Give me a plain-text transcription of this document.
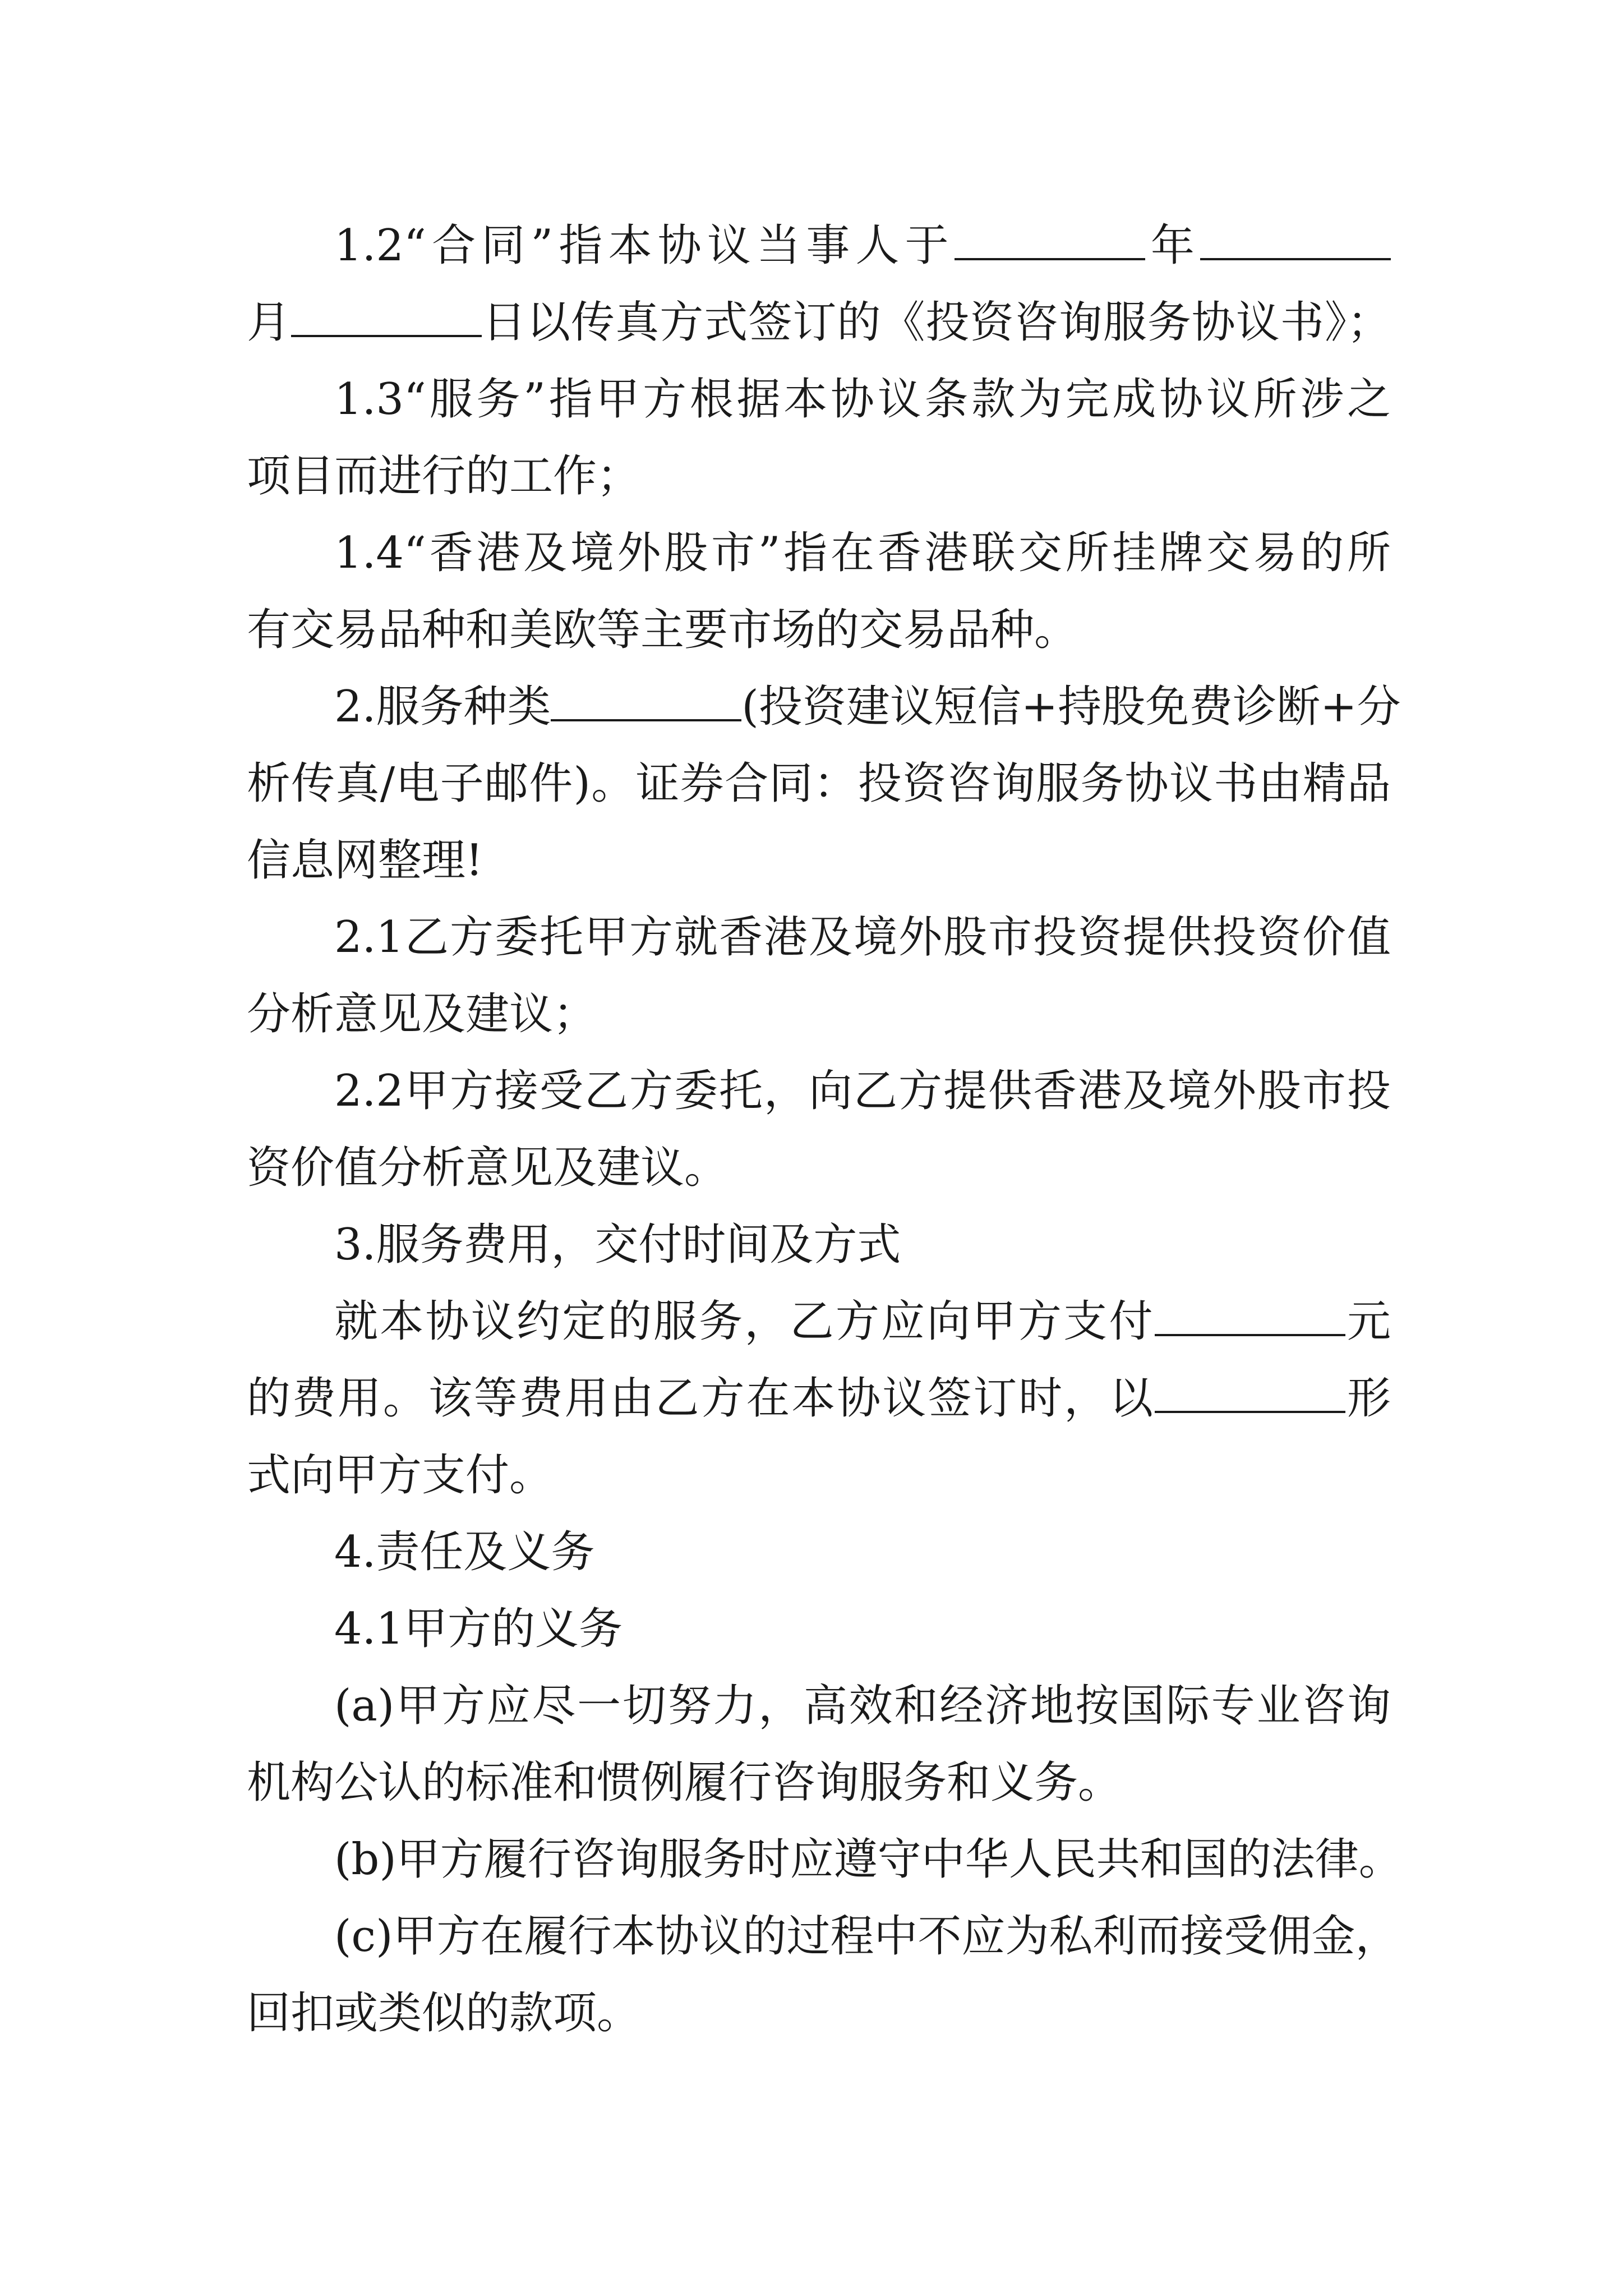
1.2“合同”指本协议当事人于	年
月	日以传真方式签订的《投资咨询服务协议书》；
1.3“服务”指甲方根据本协议条款为完成协议所涉之
项目而进行的工作；
1.4“香港及境外股市”指在香港联交所挂牌交易的所
有交易品种和美欧等主要市场的交易品种。
2.服务种类	(投资建议短信+持股免费诊断+分
析传真/电子邮件)。证券合同：投资咨询服务协议书由精品
信息网整理!
2.1乙方委托甲方就香港及境外股市投资提供投资价值
分析意见及建议；
2.2甲方接受乙方委托，向乙方提供香港及境外股市投
资价值分析意见及建议。
3.服务费用，交付时间及方式
就本协议约定的服务，乙方应向甲方支付	元
的费用。该等费用由乙方在本协议签订时，以	形
式向甲方支付。
4.责任及义务
4.1甲方的义务
(a)甲方应尽一切努力，高效和经济地按国际专业咨询
机构公认的标准和惯例履行咨询服务和义务。
(b)甲方履行咨询服务时应遵守中华人民共和国的法律。
(c)甲方在履行本协议的过程中不应为私利而接受佣金，
回扣或类似的款项。
